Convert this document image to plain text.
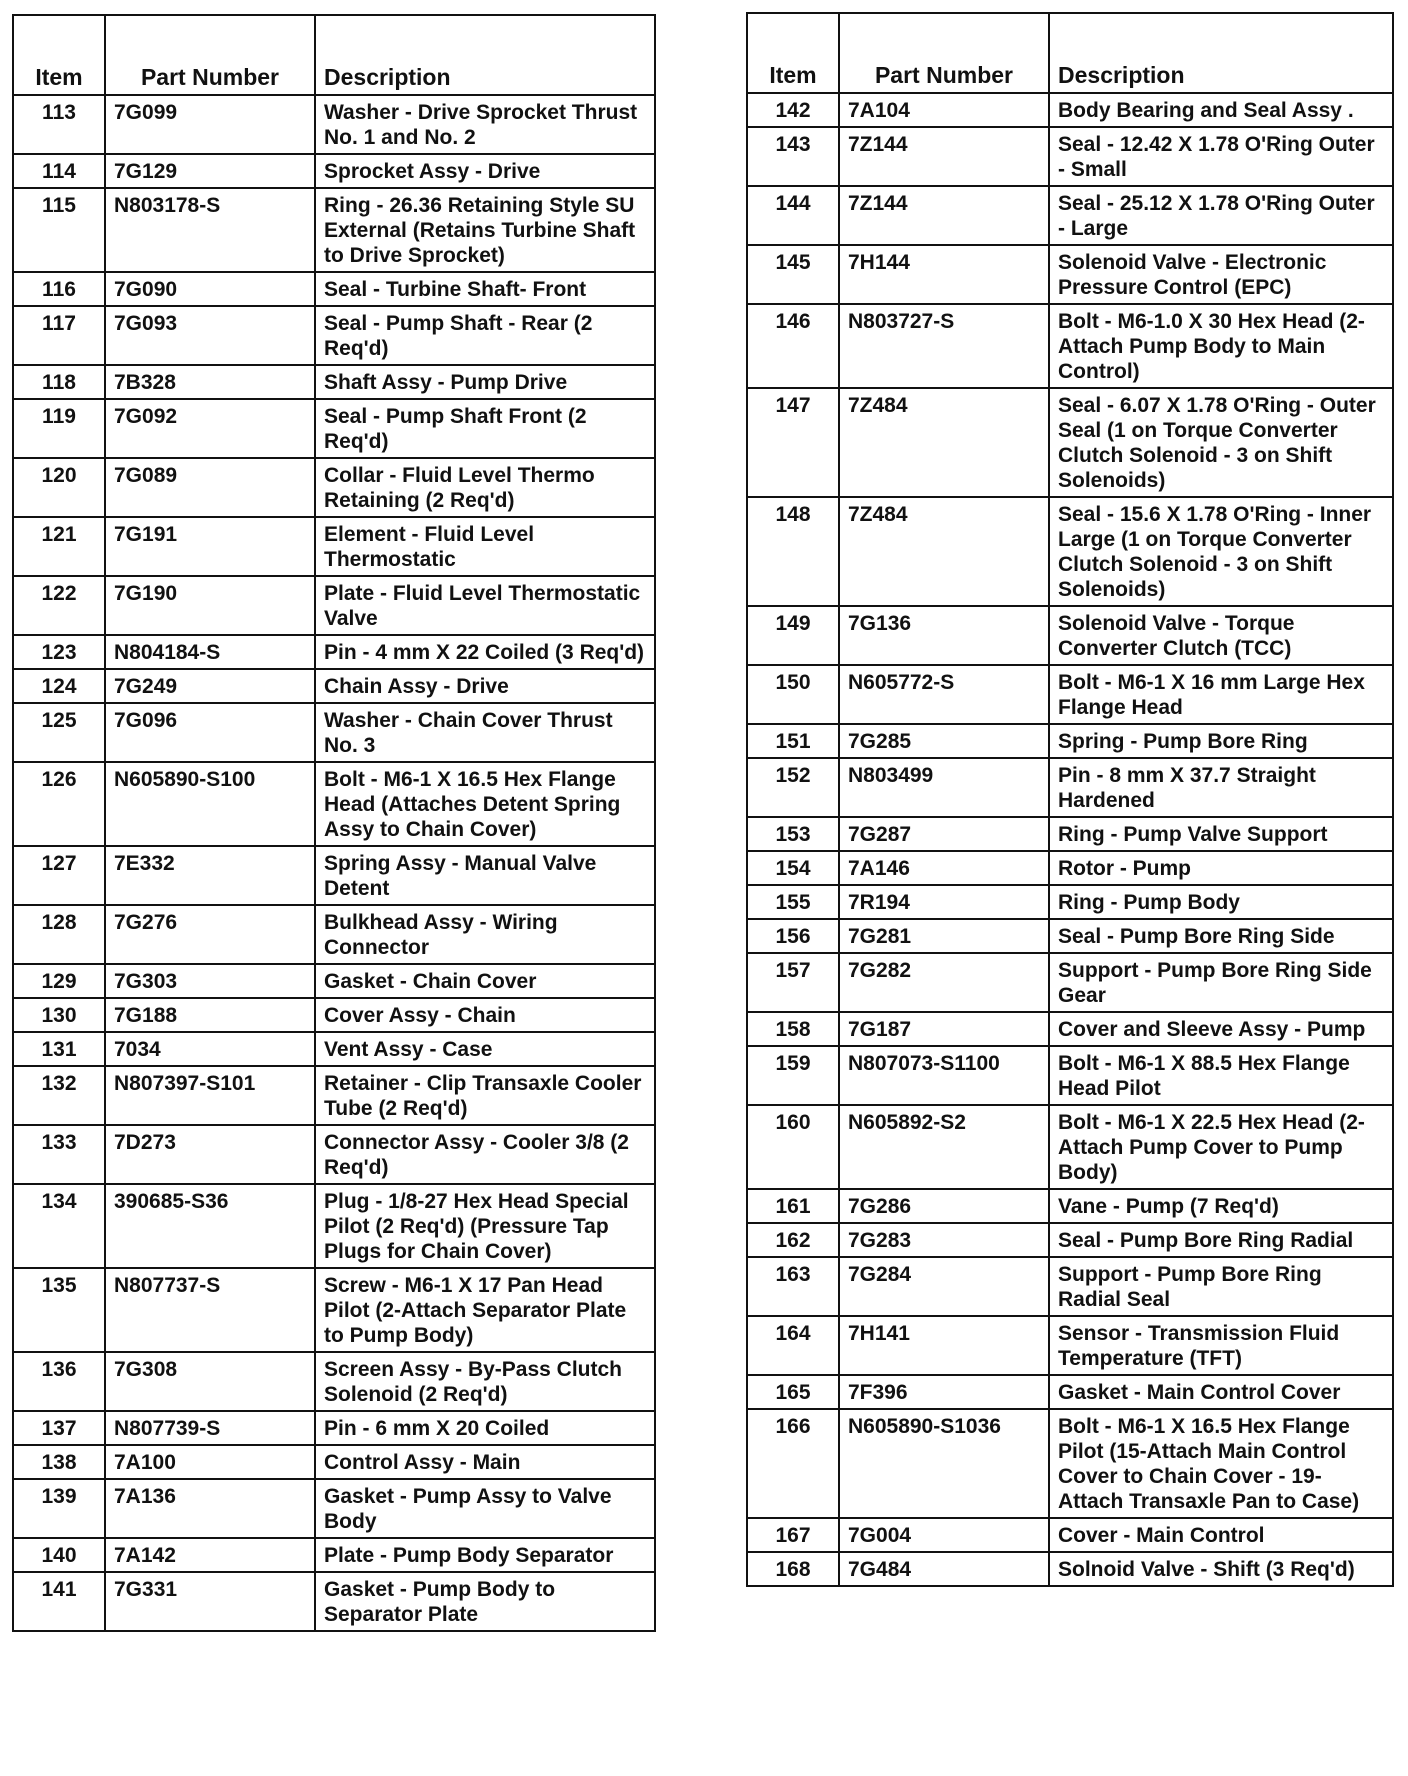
Item	Part Number	Description
113	7G099	Washer - Drive Sprocket Thrust No. 1 and No. 2
114	7G129	Sprocket Assy - Drive
115	N803178-S	Ring - 26.36 Retaining Style SU External (Retains Turbine Shaft to Drive Sprocket)
116	7G090	Seal - Turbine Shaft- Front
117	7G093	Seal - Pump Shaft - Rear (2 Req'd)
118	7B328	Shaft Assy - Pump Drive
119	7G092	Seal - Pump Shaft Front (2 Req'd)
120	7G089	Collar - Fluid Level Thermo Retaining (2 Req'd)
121	7G191	Element - Fluid Level Thermostatic
122	7G190	Plate - Fluid Level Thermostatic Valve
123	N804184-S	Pin - 4 mm X 22 Coiled (3 Req'd)
124	7G249	Chain Assy - Drive
125	7G096	Washer - Chain Cover Thrust No. 3
126	N605890-S100	Bolt - M6-1 X 16.5 Hex Flange Head (Attaches Detent Spring Assy to Chain Cover)
127	7E332	Spring Assy - Manual Valve Detent
128	7G276	Bulkhead Assy - Wiring Connector
129	7G303	Gasket - Chain Cover
130	7G188	Cover Assy - Chain
131	7034	Vent Assy - Case
132	N807397-S101	Retainer - Clip Transaxle Cooler Tube (2 Req'd)
133	7D273	Connector Assy - Cooler 3/8 (2 Req'd)
134	390685-S36	Plug - 1/8-27 Hex Head Special Pilot (2 Req'd) (Pressure Tap Plugs for Chain Cover)
135	N807737-S	Screw - M6-1 X 17 Pan Head Pilot (2-Attach Separator Plate to Pump Body)
136	7G308	Screen Assy - By-Pass Clutch Solenoid (2 Req'd)
137	N807739-S	Pin - 6 mm X 20 Coiled
138	7A100	Control Assy - Main
139	7A136	Gasket - Pump Assy to Valve Body
140	7A142	Plate - Pump Body Separator
141	7G331	Gasket - Pump Body to Separator Plate
Item	Part Number	Description
142	7A104	Body Bearing and Seal Assy .
143	7Z144	Seal - 12.42 X 1.78 O'Ring Outer - Small
144	7Z144	Seal - 25.12 X 1.78 O'Ring Outer - Large
145	7H144	Solenoid Valve - Electronic Pressure Control (EPC)
146	N803727-S	Bolt - M6-1.0 X 30 Hex Head (2-Attach Pump Body to Main Control)
147	7Z484	Seal - 6.07 X 1.78 O'Ring - Outer Seal (1 on Torque Converter Clutch Solenoid - 3 on Shift Solenoids)
148	7Z484	Seal - 15.6 X 1.78 O'Ring - Inner Large (1 on Torque Converter Clutch Solenoid - 3 on Shift Solenoids)
149	7G136	Solenoid Valve - Torque Converter Clutch (TCC)
150	N605772-S	Bolt - M6-1 X 16 mm Large Hex Flange Head
151	7G285	Spring - Pump Bore Ring
152	N803499	Pin - 8 mm X 37.7 Straight Hardened
153	7G287	Ring - Pump Valve Support
154	7A146	Rotor - Pump
155	7R194	Ring - Pump Body
156	7G281	Seal - Pump Bore Ring Side
157	7G282	Support - Pump Bore Ring Side Gear
158	7G187	Cover and Sleeve Assy - Pump
159	N807073-S1100	Bolt - M6-1 X 88.5 Hex Flange Head Pilot
160	N605892-S2	Bolt - M6-1 X 22.5 Hex Head (2-Attach Pump Cover to Pump Body)
161	7G286	Vane - Pump (7 Req'd)
162	7G283	Seal - Pump Bore Ring Radial
163	7G284	Support - Pump Bore Ring Radial Seal
164	7H141	Sensor - Transmission Fluid Temperature (TFT)
165	7F396	Gasket - Main Control Cover
166	N605890-S1036	Bolt - M6-1 X 16.5 Hex Flange Pilot (15-Attach Main Control Cover to Chain Cover - 19-Attach Transaxle Pan to Case)
167	7G004	Cover - Main Control
168	7G484	Solnoid Valve - Shift (3 Req'd)
